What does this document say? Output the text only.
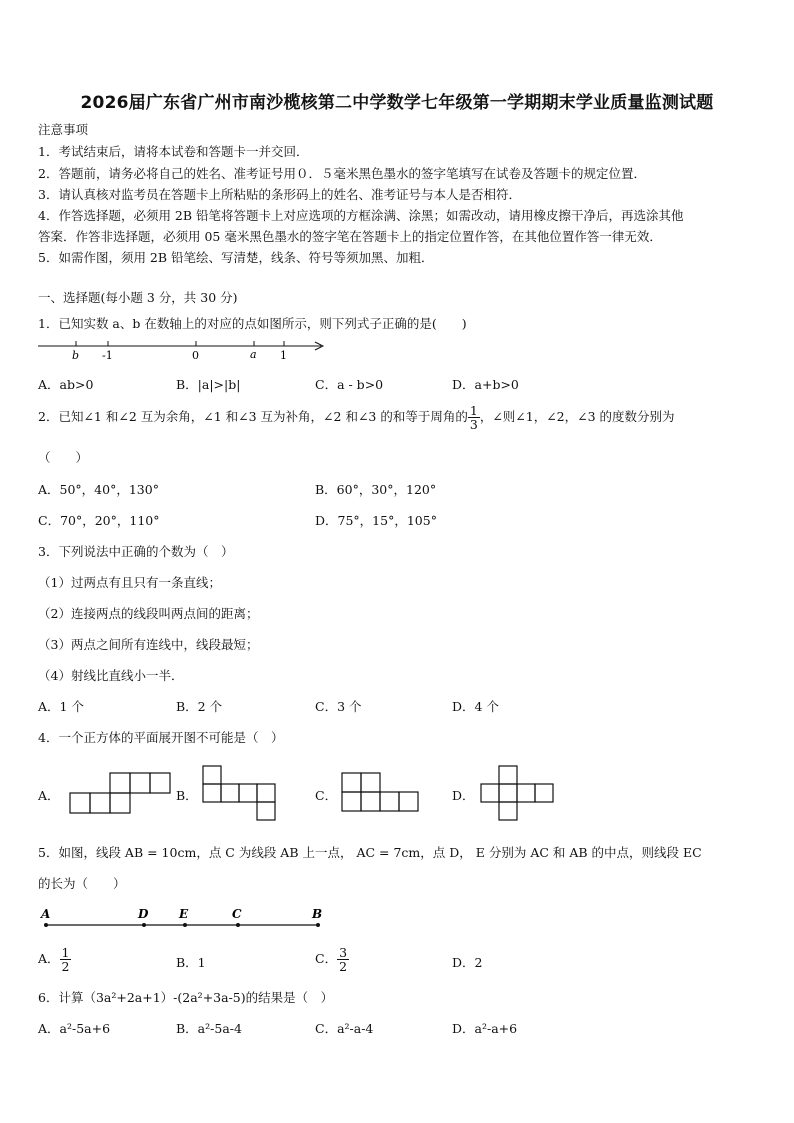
2026届广东省广州市南沙榄核第二中学数学七年级第一学期期末学业质量监测试题
注意事项
1．考试结束后，请将本试卷和答题卡一并交回．
2．答题前，请务必将自己的姓名、准考证号用０．５毫米黑色墨水的签字笔填写在试卷及答题卡的规定位置．
3．请认真核对监考员在答题卡上所粘贴的条形码上的姓名、准考证号与本人是否相符．
4．作答选择题，必须用 2B 铅笔将答题卡上对应选项的方框涂满、涂黑；如需改动，请用橡皮擦干净后，再选涂其他
答案．作答非选择题，必须用 05 毫米黑色墨水的签字笔在答题卡上的指定位置作答，在其他位置作答一律无效．
5．如需作图，须用 2B 铅笔绘、写清楚，线条、符号等须加黑、加粗．
一、选择题(每小题 3 分，共 30 分)
1．已知实数 a、b 在数轴上的对应的点如图所示，则下列式子正确的是(　　)
b -1	0	a 1
A．ab>0	B．|a|>|b|	C．a - b>0	D．a+b>0
2．已知∠1 和∠2 互为余角，∠1 和∠3 互为补角，∠2 和∠3 的和等于周角的 $\frac{1}{3}$ ，∠则∠1，∠2，∠3 的度数分别为
（　　）
A．50°，40°，130°	B．60°，30°，120°
C．70°，20°，110°	D．75°，15°，105°
3．下列说法中正确的个数为（　）
（1）过两点有且只有一条直线；
（2）连接两点的线段叫两点间的距离；
（3）两点之间所有连线中，线段最短；
（4）射线比直线小一半．
A．1 个	B．2 个	C．3 个	D．4 个
4．一个正方体的平面展开图不可能是（　）
A．	B．	C．	D．
5．如图，线段 AB = 10cm，点 C 为线段 AB 上一点， AC = 7cm，点 D， E 分别为 AC 和 AB 的中点，则线段 EC
的长为（　　）
A	D	E	C	B
A． $\frac{1}{2}$	B．1	C． $\frac{3}{2}$	D．2
6．计算（3a²+2a+1）-(2a²+3a-5)的结果是（　）
A．a²-5a+6	B．a²-5a-4	C．a²-a-4	D．a²-a+6
